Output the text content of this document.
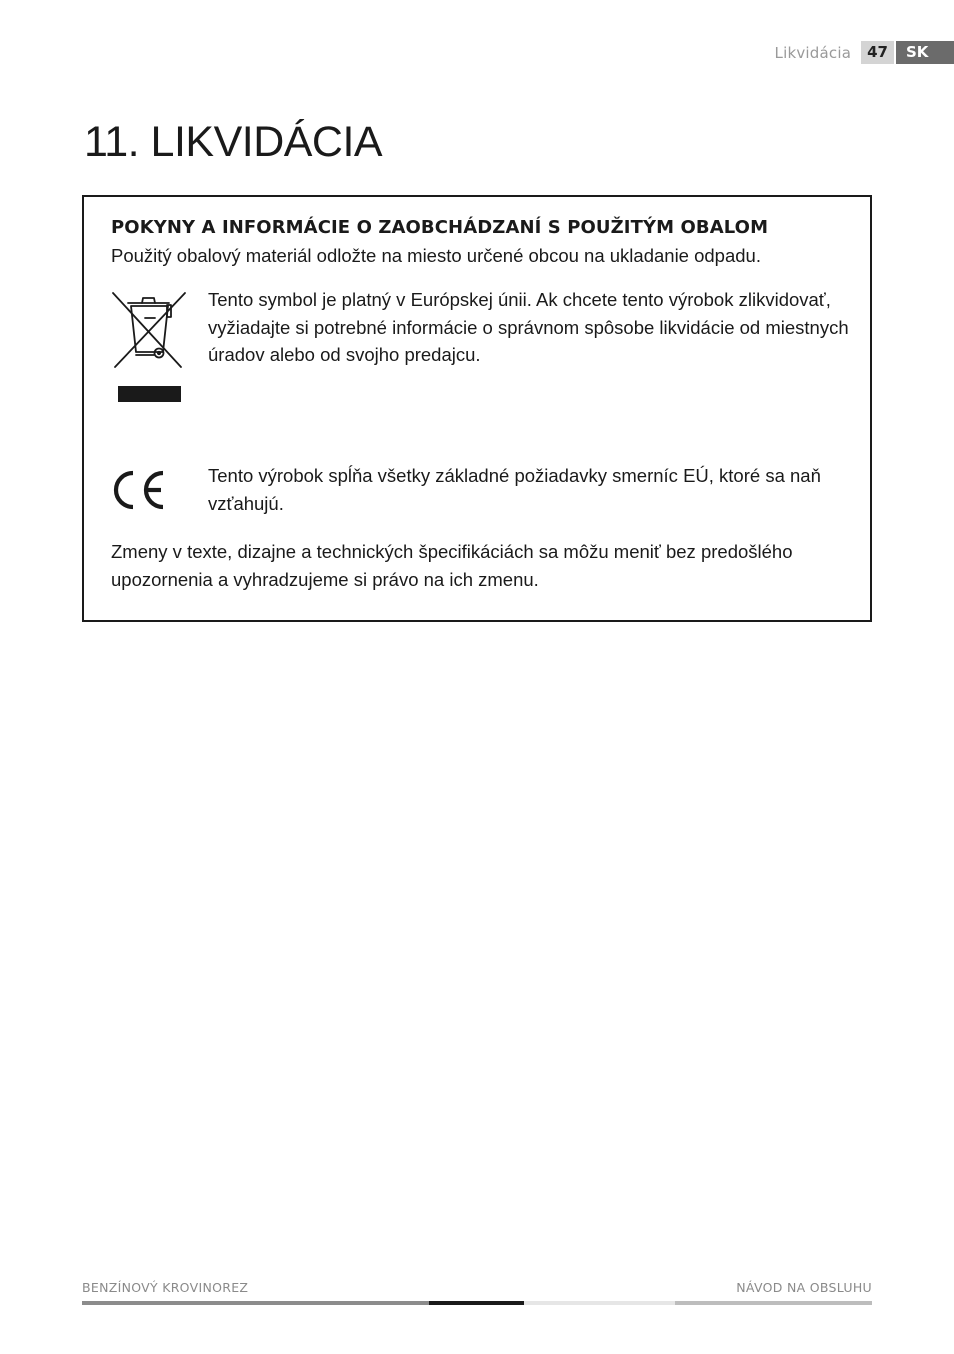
Likvidácia	47	SK
11. LIKVIDÁCIA
POKYNY A INFORMÁCIE O ZAOBCHÁDZANÍ S POUŽITÝM OBALOM

Použitý obalový materiál odložte na miesto určené obcou na ukladanie odpadu.

Tento symbol je platný v Európskej únii. Ak chcete tento výrobok zlikvidovať,
vyžiadajte si potrebné informácie o správnom spôsobe likvidácie od miestnych
úradov alebo od svojho predajcu.

Tento výrobok spĺňa všetky základné požiadavky smerníc EÚ, ktoré sa naň
vzťahujú.

Zmeny v texte, dizajne a technických špecifikáciách sa môžu meniť bez predošlého
upozornenia a vyhradzujeme si právo na ich zmenu.

BENZÍNOVÝ KROVINOREZ	NÁVOD NA OBSLUHU
